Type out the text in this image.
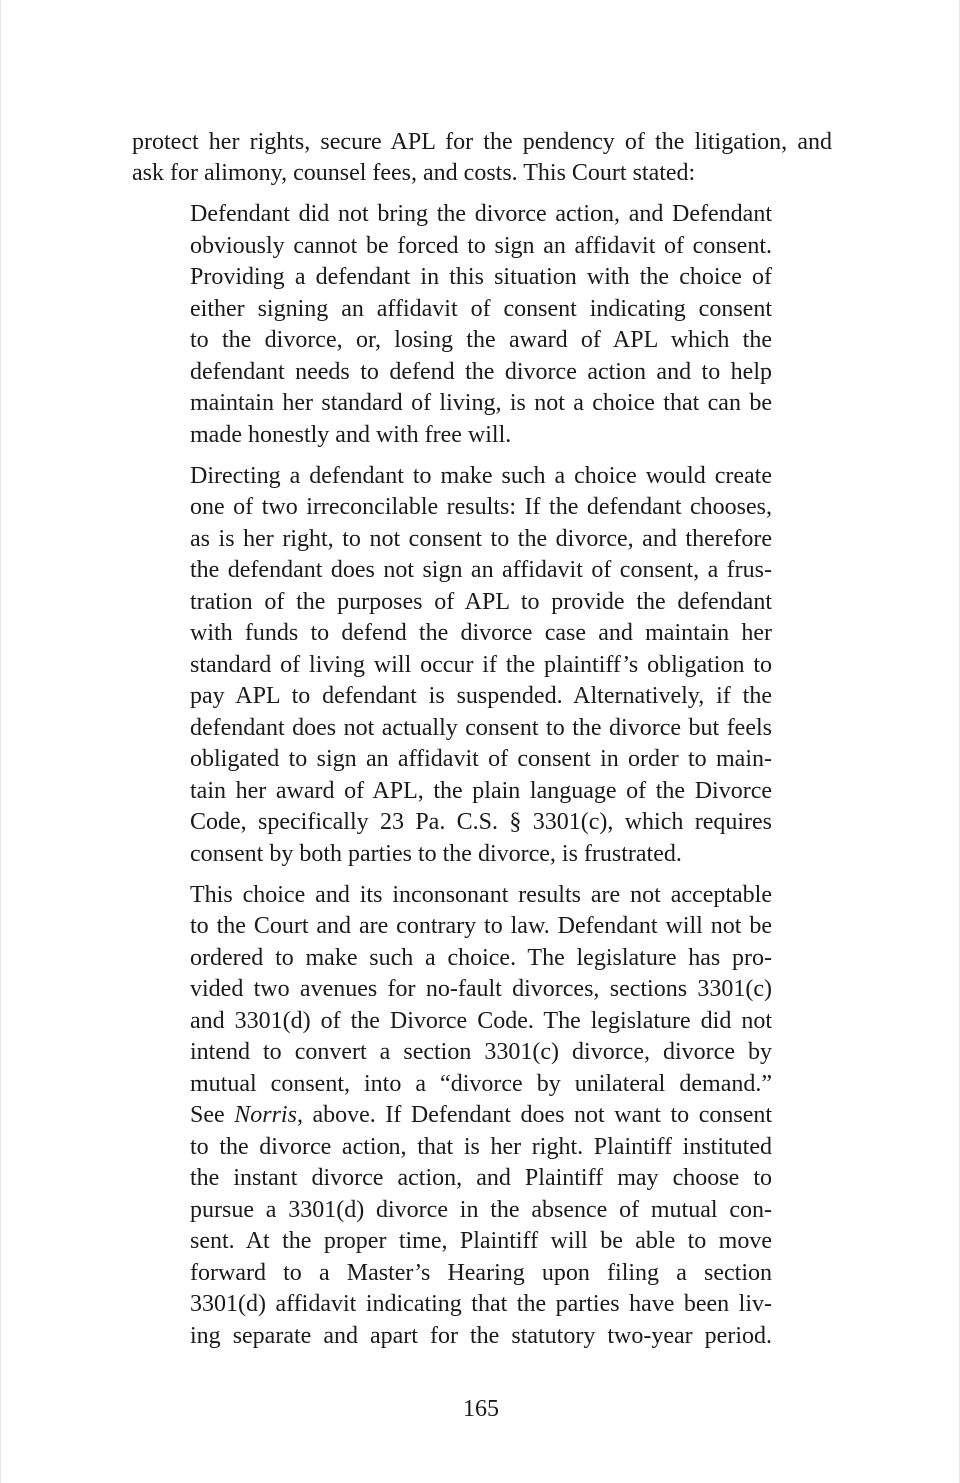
protect her rights, secure APL for the pendency of the litigation, and
ask for alimony, counsel fees, and costs. This Court stated:
Defendant did not bring the divorce action, and Defendant
obviously cannot be forced to sign an affidavit of consent.
Providing a defendant in this situation with the choice of
either signing an affidavit of consent indicating consent
to the divorce, or, losing the award of APL which the
defendant needs to defend the divorce action and to help
maintain her standard of living, is not a choice that can be
made honestly and with free will.
Directing a defendant to make such a choice would create
one of two irreconcilable results: If the defendant chooses,
as is her right, to not consent to the divorce, and therefore
the defendant does not sign an affidavit of consent, a frus-
tration of the purposes of APL to provide the defendant
with funds to defend the divorce case and maintain her
standard of living will occur if the plaintiff’s obligation to
pay APL to defendant is suspended. Alternatively, if the
defendant does not actually consent to the divorce but feels
obligated to sign an affidavit of consent in order to main-
tain her award of APL, the plain language of the Divorce
Code, specifically 23 Pa. C.S. § 3301(c), which requires
consent by both parties to the divorce, is frustrated.
This choice and its inconsonant results are not acceptable
to the Court and are contrary to law. Defendant will not be
ordered to make such a choice. The legislature has pro-
vided two avenues for no-fault divorces, sections 3301(c)
and 3301(d) of the Divorce Code. The legislature did not
intend to convert a section 3301(c) divorce, divorce by
mutual consent, into a “divorce by unilateral demand.”
See Norris, above. If Defendant does not want to consent
to the divorce action, that is her right. Plaintiff instituted
the instant divorce action, and Plaintiff may choose to
pursue a 3301(d) divorce in the absence of mutual con-
sent. At the proper time, Plaintiff will be able to move
forward to a Master’s Hearing upon filing a section
3301(d) affidavit indicating that the parties have been liv-
ing separate and apart for the statutory two-year period.
165
